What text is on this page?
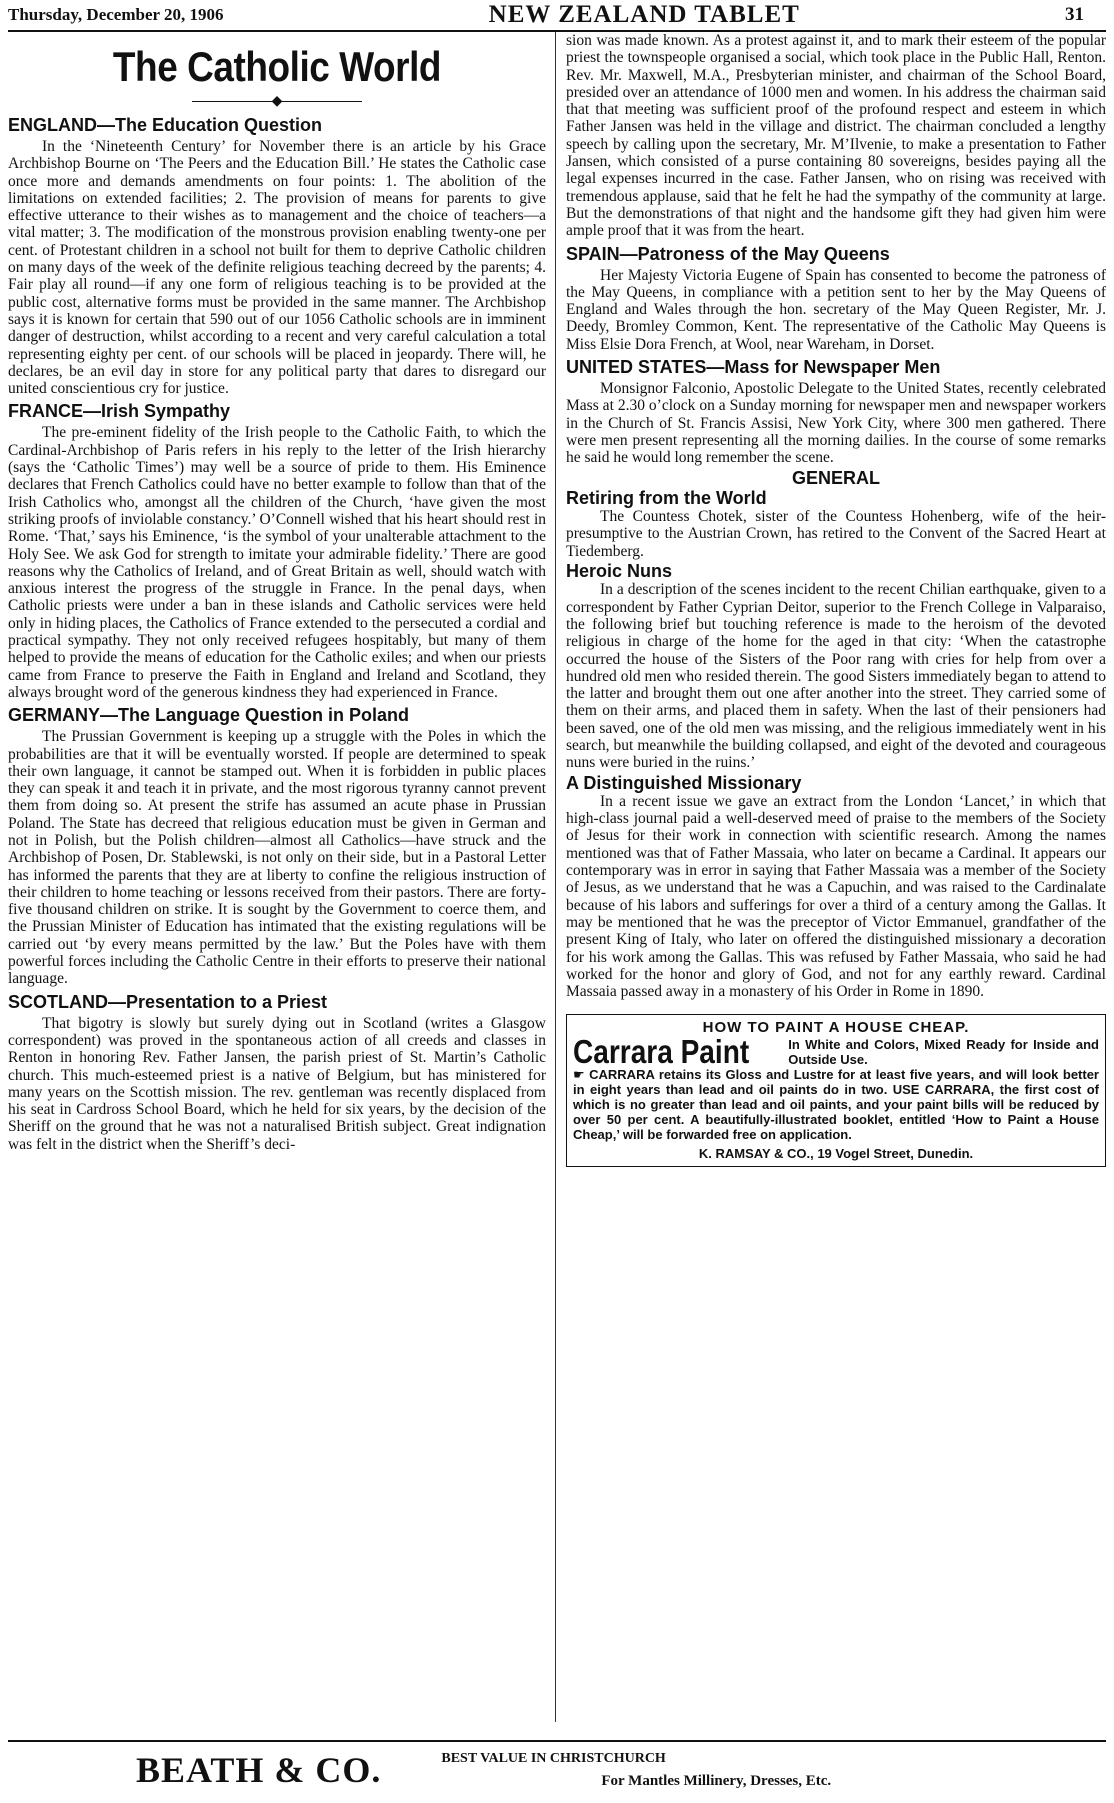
Thursday, December 20, 1906	NEW ZEALAND TABLET	31
The Catholic World
◆
ENGLAND—The Education Question

In the ‘Nineteenth Century’ for November there is an article by his Grace Archbishop Bourne on ‘The Peers and the Education Bill.’ He states the Catholic case once more and demands amendments on four points: 1. The abolition of the limitations on extended facilities; 2. The provision of means for parents to give effective utterance to their wishes as to management and the choice of teachers—a vital matter; 3. The modification of the monstrous provision enabling twenty-one per cent. of Protestant children in a school not built for them to deprive Catholic children on many days of the week of the definite religious teaching decreed by the parents; 4. Fair play all round—if any one form of religious teaching is to be provided at the public cost, alternative forms must be provided in the same manner. The Archbishop says it is known for certain that 590 out of our 1056 Catholic schools are in imminent danger of destruction, whilst according to a recent and very careful calculation a total representing eighty per cent. of our schools will be placed in jeopardy. There will, he declares, be an evil day in store for any political party that dares to disregard our united conscientious cry for justice.

FRANCE—Irish Sympathy

The pre-eminent fidelity of the Irish people to the Catholic Faith, to which the Cardinal-Archbishop of Paris refers in his reply to the letter of the Irish hierarchy (says the ‘Catholic Times’) may well be a source of pride to them. His Eminence declares that French Catholics could have no better example to follow than that of the Irish Catholics who, amongst all the children of the Church, ‘have given the most striking proofs of inviolable constancy.’ O’Connell wished that his heart should rest in Rome. ‘That,’ says his Eminence, ‘is the symbol of your unalterable attachment to the Holy See. We ask God for strength to imitate your admirable fidelity.’ There are good reasons why the Catholics of Ireland, and of Great Britain as well, should watch with anxious interest the progress of the struggle in France. In the penal days, when Catholic priests were under a ban in these islands and Catholic services were held only in hiding places, the Catholics of France extended to the persecuted a cordial and practical sympathy. They not only received refugees hospitably, but many of them helped to provide the means of education for the Catholic exiles; and when our priests came from France to preserve the Faith in England and Ireland and Scotland, they always brought word of the generous kindness they had experienced in France.

GERMANY—The Language Question in Poland

The Prussian Government is keeping up a struggle with the Poles in which the probabilities are that it will be eventually worsted. If people are determined to speak their own language, it cannot be stamped out. When it is forbidden in public places they can speak it and teach it in private, and the most rigorous tyranny cannot prevent them from doing so. At present the strife has assumed an acute phase in Prussian Poland. The State has decreed that religious education must be given in German and not in Polish, but the Polish children—almost all Catholics—have struck and the Archbishop of Posen, Dr. Stablewski, is not only on their side, but in a Pastoral Letter has informed the parents that they are at liberty to confine the religious instruction of their children to home teaching or lessons received from their pastors. There are forty-five thousand children on strike. It is sought by the Government to coerce them, and the Prussian Minister of Education has intimated that the existing regulations will be carried out ‘by every means permitted by the law.’ But the Poles have with them powerful forces including the Catholic Centre in their efforts to preserve their national language.

SCOTLAND—Presentation to a Priest

That bigotry is slowly but surely dying out in Scotland (writes a Glasgow correspondent) was proved in the spontaneous action of all creeds and classes in Renton in honoring Rev. Father Jansen, the parish priest of St. Martin’s Catholic church. This much-esteemed priest is a native of Belgium, but has ministered for many years on the Scottish mission. The rev. gentleman was recently displaced from his seat in Cardross School Board, which he held for six years, by the decision of the Sheriff on the ground that he was not a naturalised British subject. Great indignation was felt in the district when the Sheriff’s deci-

sion was made known. As a protest against it, and to mark their esteem of the popular priest the townspeople organised a social, which took place in the Public Hall, Renton. Rev. Mr. Maxwell, M.A., Presbyterian minister, and chairman of the School Board, presided over an attendance of 1000 men and women. In his address the chairman said that that meeting was sufficient proof of the profound respect and esteem in which Father Jansen was held in the village and district. The chairman concluded a lengthy speech by calling upon the secretary, Mr. M’Ilvenie, to make a presentation to Father Jansen, which consisted of a purse containing 80 sovereigns, besides paying all the legal expenses incurred in the case. Father Jansen, who on rising was received with tremendous applause, said that he felt he had the sympathy of the community at large. But the demonstrations of that night and the handsome gift they had given him were ample proof that it was from the heart.

SPAIN—Patroness of the May Queens

Her Majesty Victoria Eugene of Spain has consented to become the patroness of the May Queens, in compliance with a petition sent to her by the May Queens of England and Wales through the hon. secretary of the May Queen Register, Mr. J. Deedy, Bromley Common, Kent. The representative of the Catholic May Queens is Miss Elsie Dora French, at Wool, near Wareham, in Dorset.

UNITED STATES—Mass for Newspaper Men

Monsignor Falconio, Apostolic Delegate to the United States, recently celebrated Mass at 2.30 o’clock on a Sunday morning for newspaper men and newspaper workers in the Church of St. Francis Assisi, New York City, where 300 men gathered. There were men present representing all the morning dailies. In the course of some remarks he said he would long remember the scene.

GENERAL
Retiring from the World

The Countess Chotek, sister of the Countess Hohenberg, wife of the heir-presumptive to the Austrian Crown, has retired to the Convent of the Sacred Heart at Tiedemberg.

Heroic Nuns

In a description of the scenes incident to the recent Chilian earthquake, given to a correspondent by Father Cyprian Deitor, superior to the French College in Valparaiso, the following brief but touching reference is made to the heroism of the devoted religious in charge of the home for the aged in that city: ‘When the catastrophe occurred the house of the Sisters of the Poor rang with cries for help from over a hundred old men who resided therein. The good Sisters immediately began to attend to the latter and brought them out one after another into the street. They carried some of them on their arms, and placed them in safety. When the last of their pensioners had been saved, one of the old men was missing, and the religious immediately went in his search, but meanwhile the building collapsed, and eight of the devoted and courageous nuns were buried in the ruins.’

A Distinguished Missionary

In a recent issue we gave an extract from the London ‘Lancet,’ in which that high-class journal paid a well-deserved meed of praise to the members of the Society of Jesus for their work in connection with scientific research. Among the names mentioned was that of Father Massaia, who later on became a Cardinal. It appears our contemporary was in error in saying that Father Massaia was a member of the Society of Jesus, as we understand that he was a Capuchin, and was raised to the Cardinalate because of his labors and sufferings for over a third of a century among the Gallas. It may be mentioned that he was the preceptor of Victor Emmanuel, grandfather of the present King of Italy, who later on offered the distinguished missionary a decoration for his work among the Gallas. This was refused by Father Massaia, who said he had worked for the honor and glory of God, and not for any earthly reward. Cardinal Massaia passed away in a monastery of his Order in Rome in 1890.

HOW TO PAINT A HOUSE CHEAP.
Carrara Paint	In White and Colors, Mixed Ready for Inside and Outside Use.
☛ CARRARA retains its Gloss and Lustre for at least five years, and will look better in eight years than lead and oil paints do in two. USE CARRARA, the first cost of which is no greater than lead and oil paints, and your paint bills will be reduced by over 50 per cent. A beautifully-illustrated booklet, entitled ‘How to Paint a House Cheap,’ will be forwarded free on application.
K. RAMSAY & CO., 19 Vogel Street, Dunedin.
BEATH & CO.	BEST VALUE IN CHRISTCHURCH
For Mantles Millinery, Dresses, Etc.
